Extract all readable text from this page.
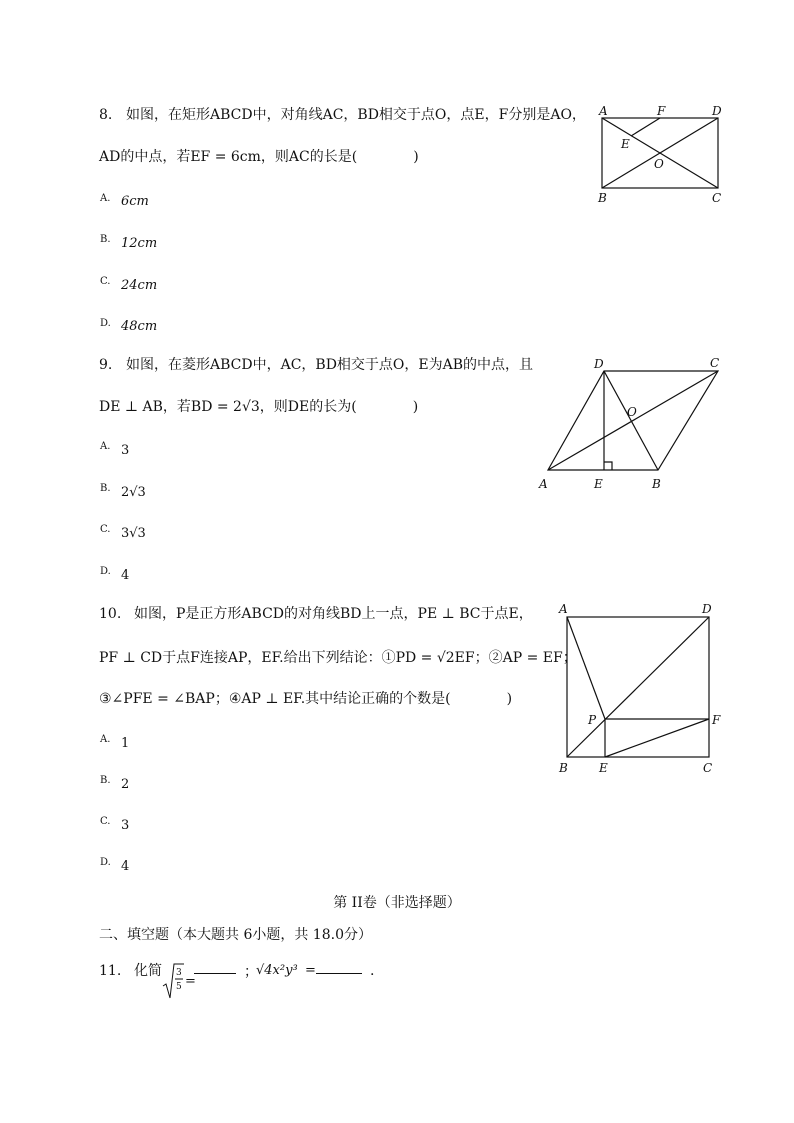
8. 如图，在矩形ABCD中，对角线AC，BD相交于点O，点E，F分别是AO，
AD的中点，若EF = 6cm，则AC的长是(　　　　)
A. 6cm
B. 12cm
C. 24cm
D. 48cm
A	F	D
E
O
B	C
9. 如图，在菱形ABCD中，AC，BD相交于点O，E为AB的中点，且
DE ⊥ AB，若BD = 2√3，则DE的长为(　　　　)
A. 3
B. 2√3
C. 3√3
D. 4
D	C
O
A	E	B
10. 如图，P是正方形ABCD的对角线BD上一点，PE ⊥ BC于点E，
PF ⊥ CD于点F连接AP，EF.给出下列结论：①PD = √2EF；②AP = EF；
③∠PFE = ∠BAP；④AP ⊥ EF.其中结论正确的个数是(　　　　)
A. 1
B. 2
C. 3
D. 4
A	D
P	F
B	E	C
第 II卷（非选择题）
二、填空题（本大题共 6小题，共 18.0分）
11. 化简 3
5 =
；
√4x²y³ =	.
